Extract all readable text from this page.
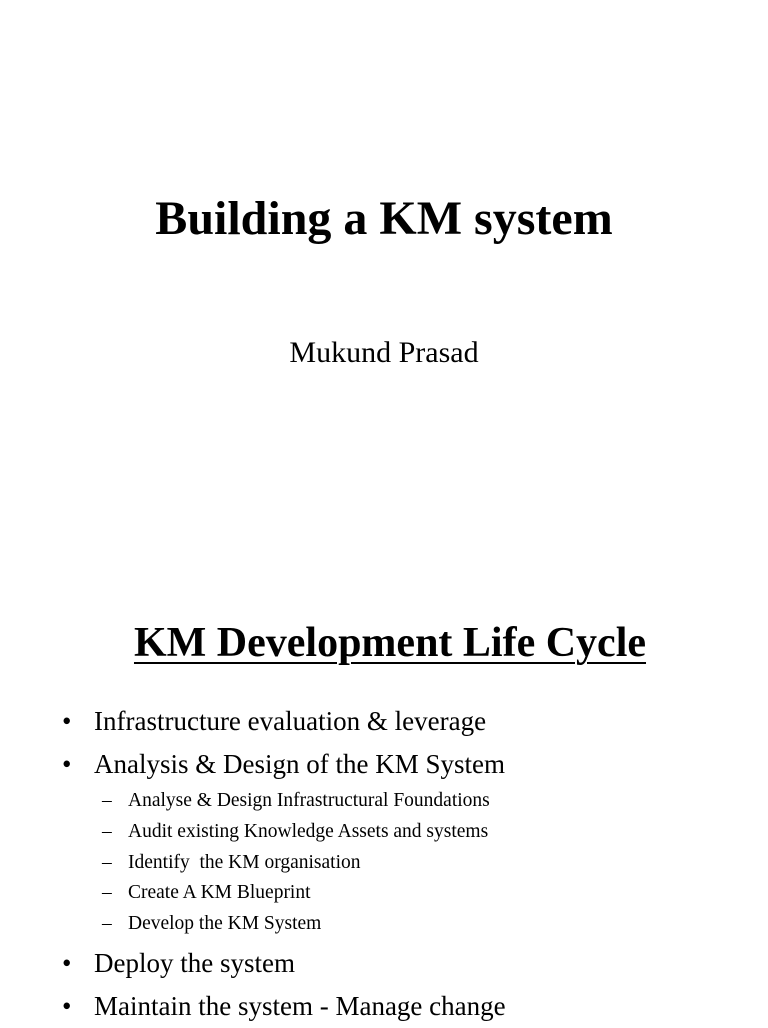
Building a KM system

Mukund Prasad

KM Development Life Cycle
• Infrastructure evaluation & leverage
• Analysis & Design of the KM System
– Analyse & Design Infrastructural Foundations
– Audit existing Knowledge Assets and systems
– Identify  the KM organisation
– Create A KM Blueprint
– Develop the KM System
• Deploy the system
• Maintain the system - Manage change
